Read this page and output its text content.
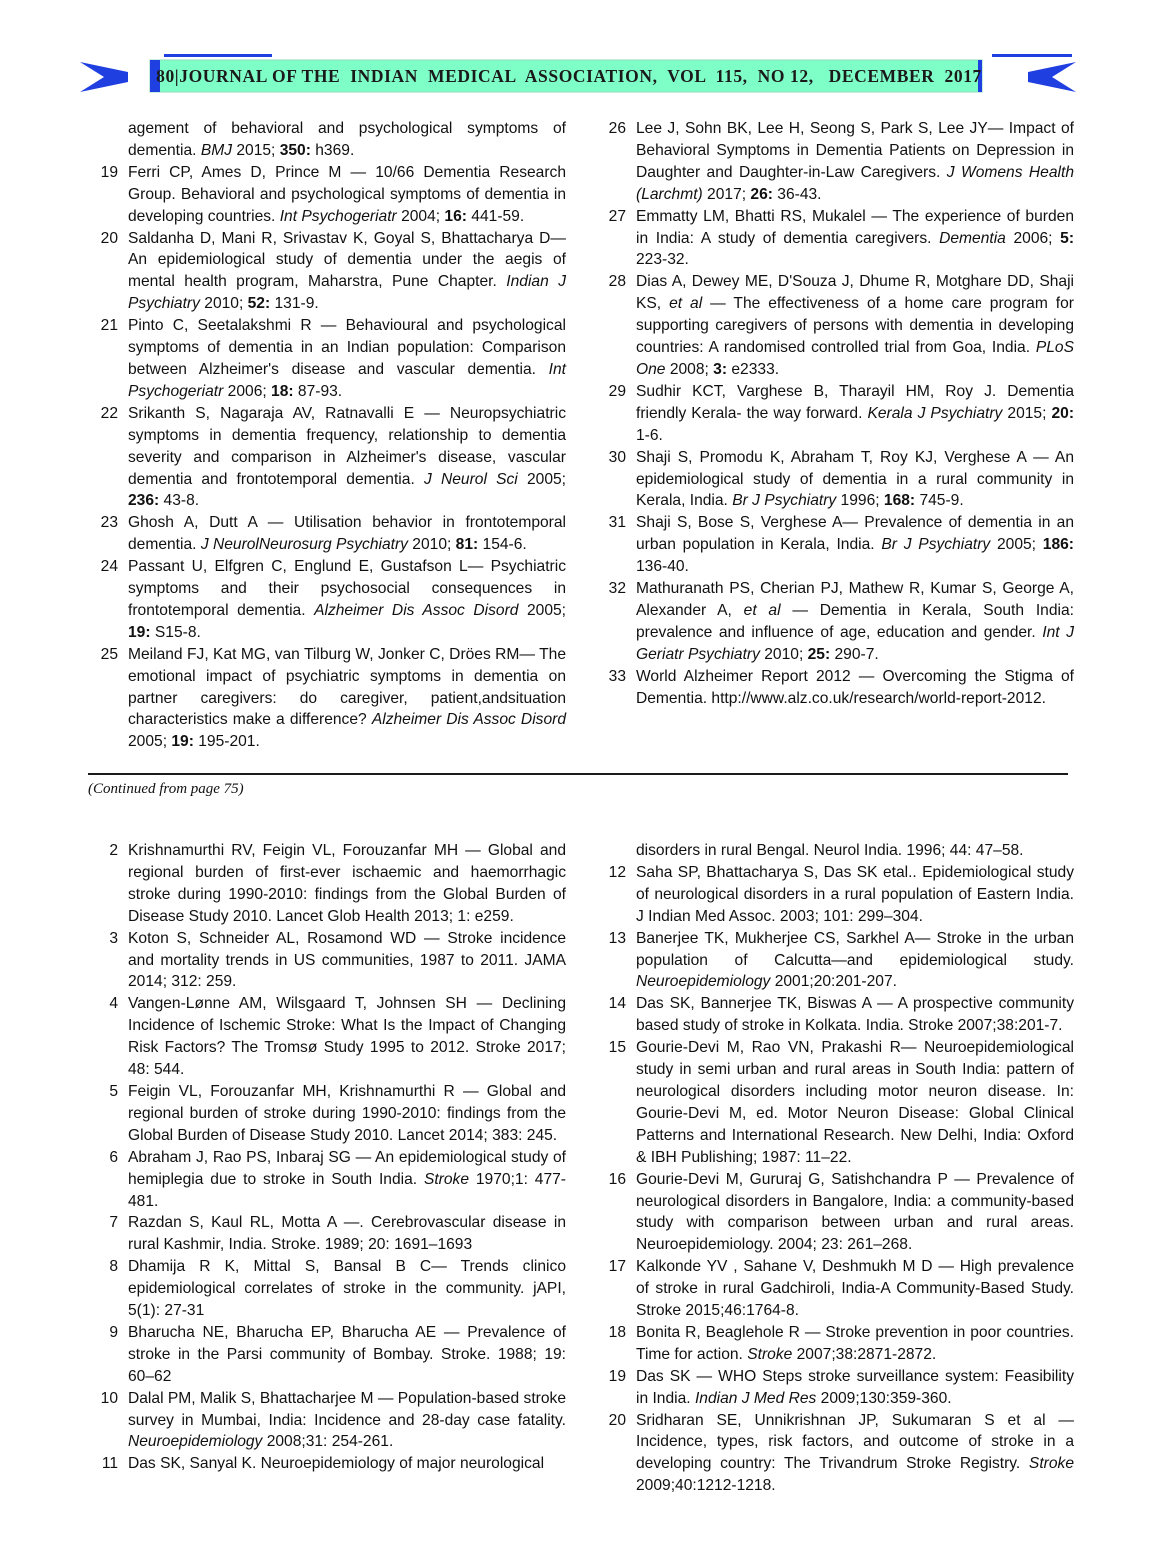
80| JOURNAL OF THE  INDIAN  MEDICAL  ASSOCIATION,  VOL  115,  NO 12,   DECEMBER  2017
agement of behavioral and psychological symptoms of dementia. BMJ 2015; 350: h369.
19 Ferri CP, Ames D, Prince M — 10/66 Dementia Research Group. Behavioral and psychological symptoms of dementia in developing countries. Int Psychogeriatr 2004; 16: 441-59.
20 Saldanha D, Mani R, Srivastav K, Goyal S, Bhattacharya D— An epidemiological study of dementia under the aegis of mental health program, Maharstra, Pune Chapter. Indian J Psychiatry 2010; 52: 131-9.
21 Pinto C, Seetalakshmi R — Behavioural and psychological symptoms of dementia in an Indian population: Comparison between Alzheimer's disease and vascular dementia. Int Psychogeriatr 2006; 18: 87-93.
22 Srikanth S, Nagaraja AV, Ratnavalli E — Neuropsychiatric symptoms in dementia frequency, relationship to dementia severity and comparison in Alzheimer's disease, vascular dementia and frontotemporal dementia. J Neurol Sci 2005; 236: 43-8.
23 Ghosh A, Dutt A — Utilisation behavior in frontotemporal dementia. J NeurolNeurosurg Psychiatry 2010; 81: 154-6.
24 Passant U, Elfgren C, Englund E, Gustafson L— Psychiatric symptoms and their psychosocial consequences in frontotemporal dementia. Alzheimer Dis Assoc Disord 2005; 19: S15-8.
25 Meiland FJ, Kat MG, van Tilburg W, Jonker C, Dröes RM— The emotional impact of psychiatric symptoms in dementia on partner caregivers: do caregiver, patient,andsituation characteristics make a difference? Alzheimer Dis Assoc Disord 2005; 19: 195-201.
26 Lee J, Sohn BK, Lee H, Seong S, Park S, Lee JY— Impact of Behavioral Symptoms in Dementia Patients on Depression in Daughter and Daughter-in-Law Caregivers. J Womens Health (Larchmt) 2017; 26: 36-43.
27 Emmatty LM, Bhatti RS, Mukalel — The experience of burden in India: A study of dementia caregivers. Dementia 2006; 5: 223-32.
28 Dias A, Dewey ME, D'Souza J, Dhume R, Motghare DD, Shaji KS, et al — The effectiveness of a home care program for supporting caregivers of persons with dementia in developing countries: A randomised controlled trial from Goa, India. PLoS One 2008; 3: e2333.
29 Sudhir KCT, Varghese B, Tharayil HM, Roy J. Dementia friendly Kerala- the way forward. Kerala J Psychiatry 2015; 20: 1-6.
30 Shaji S, Promodu K, Abraham T, Roy KJ, Verghese A — An epidemiological study of dementia in a rural community in Kerala, India. Br J Psychiatry 1996; 168: 745-9.
31 Shaji S, Bose S, Verghese A— Prevalence of dementia in an urban population in Kerala, India. Br J Psychiatry 2005; 186: 136-40.
32 Mathuranath PS, Cherian PJ, Mathew R, Kumar S, George A, Alexander A, et al — Dementia in Kerala, South India: prevalence and influence of age, education and gender. Int J Geriatr Psychiatry 2010; 25: 290-7.
33 World Alzheimer Report 2012 — Overcoming the Stigma of Dementia. http://www.alz.co.uk/research/world-report-2012.
(Continued from page 75)
2 Krishnamurthi RV, Feigin VL, Forouzanfar MH — Global and regional burden of first-ever ischaemic and haemorrhagic stroke during 1990-2010: findings from the Global Burden of Disease Study 2010. Lancet Glob Health 2013; 1: e259.
3 Koton S, Schneider AL, Rosamond WD — Stroke incidence and mortality trends in US communities, 1987 to 2011. JAMA 2014; 312: 259.
4 Vangen-Lønne AM, Wilsgaard T, Johnsen SH — Declining Incidence of Ischemic Stroke: What Is the Impact of Changing Risk Factors? The Tromsø Study 1995 to 2012. Stroke 2017; 48: 544.
5 Feigin VL, Forouzanfar MH, Krishnamurthi R — Global and regional burden of stroke during 1990-2010: findings from the Global Burden of Disease Study 2010. Lancet 2014; 383: 245.
6 Abraham J, Rao PS, Inbaraj SG — An epidemiological study of hemiplegia due to stroke in South India. Stroke 1970;1: 477-481.
7 Razdan S, Kaul RL, Motta A —. Cerebrovascular disease in rural Kashmir, India. Stroke. 1989; 20: 1691–1693
8 Dhamija R K, Mittal S, Bansal B C— Trends clinico epidemiological correlates of stroke in the community. jAPI, 5(1): 27-31
9 Bharucha NE, Bharucha EP, Bharucha AE — Prevalence of stroke in the Parsi community of Bombay. Stroke. 1988; 19: 60–62
10 Dalal PM, Malik S, Bhattacharjee M — Population-based stroke survey in Mumbai, India: Incidence and 28-day case fatality. Neuroepidemiology 2008;31: 254-261.
11 Das SK, Sanyal K. Neuroepidemiology of major neurological
disorders in rural Bengal. Neurol India. 1996; 44: 47–58.
12 Saha SP, Bhattacharya S, Das SK etal.. Epidemiological study of neurological disorders in a rural population of Eastern India. J Indian Med Assoc. 2003; 101: 299–304.
13 Banerjee TK, Mukherjee CS, Sarkhel A— Stroke in the urban population of Calcutta—and epidemiological study. Neuroepidemiology 2001;20:201-207.
14 Das SK, Bannerjee TK, Biswas A — A prospective community based study of stroke in Kolkata. India. Stroke 2007;38:201-7.
15 Gourie-Devi M, Rao VN, Prakashi R— Neuroepidemiological study in semi urban and rural areas in South India: pattern of neurological disorders including motor neuron disease. In: Gourie-Devi M, ed. Motor Neuron Disease: Global Clinical Patterns and International Research. New Delhi, India: Oxford & IBH Publishing; 1987: 11–22.
16 Gourie-Devi M, Gururaj G, Satishchandra P — Prevalence of neurological disorders in Bangalore, India: a community-based study with comparison between urban and rural areas. Neuroepidemiology. 2004; 23: 261–268.
17 Kalkonde YV , Sahane V, Deshmukh M D — High prevalence of stroke in rural Gadchiroli, India-A Community-Based Study. Stroke 2015;46:1764-8.
18 Bonita R, Beaglehole R — Stroke prevention in poor countries. Time for action. Stroke 2007;38:2871-2872.
19 Das SK — WHO Steps stroke surveillance system: Feasibility in India. Indian J Med Res 2009;130:359-360.
20 Sridharan SE, Unnikrishnan JP, Sukumaran S et al — Incidence, types, risk factors, and outcome of stroke in a developing country: The Trivandrum Stroke Registry. Stroke 2009;40:1212-1218.
